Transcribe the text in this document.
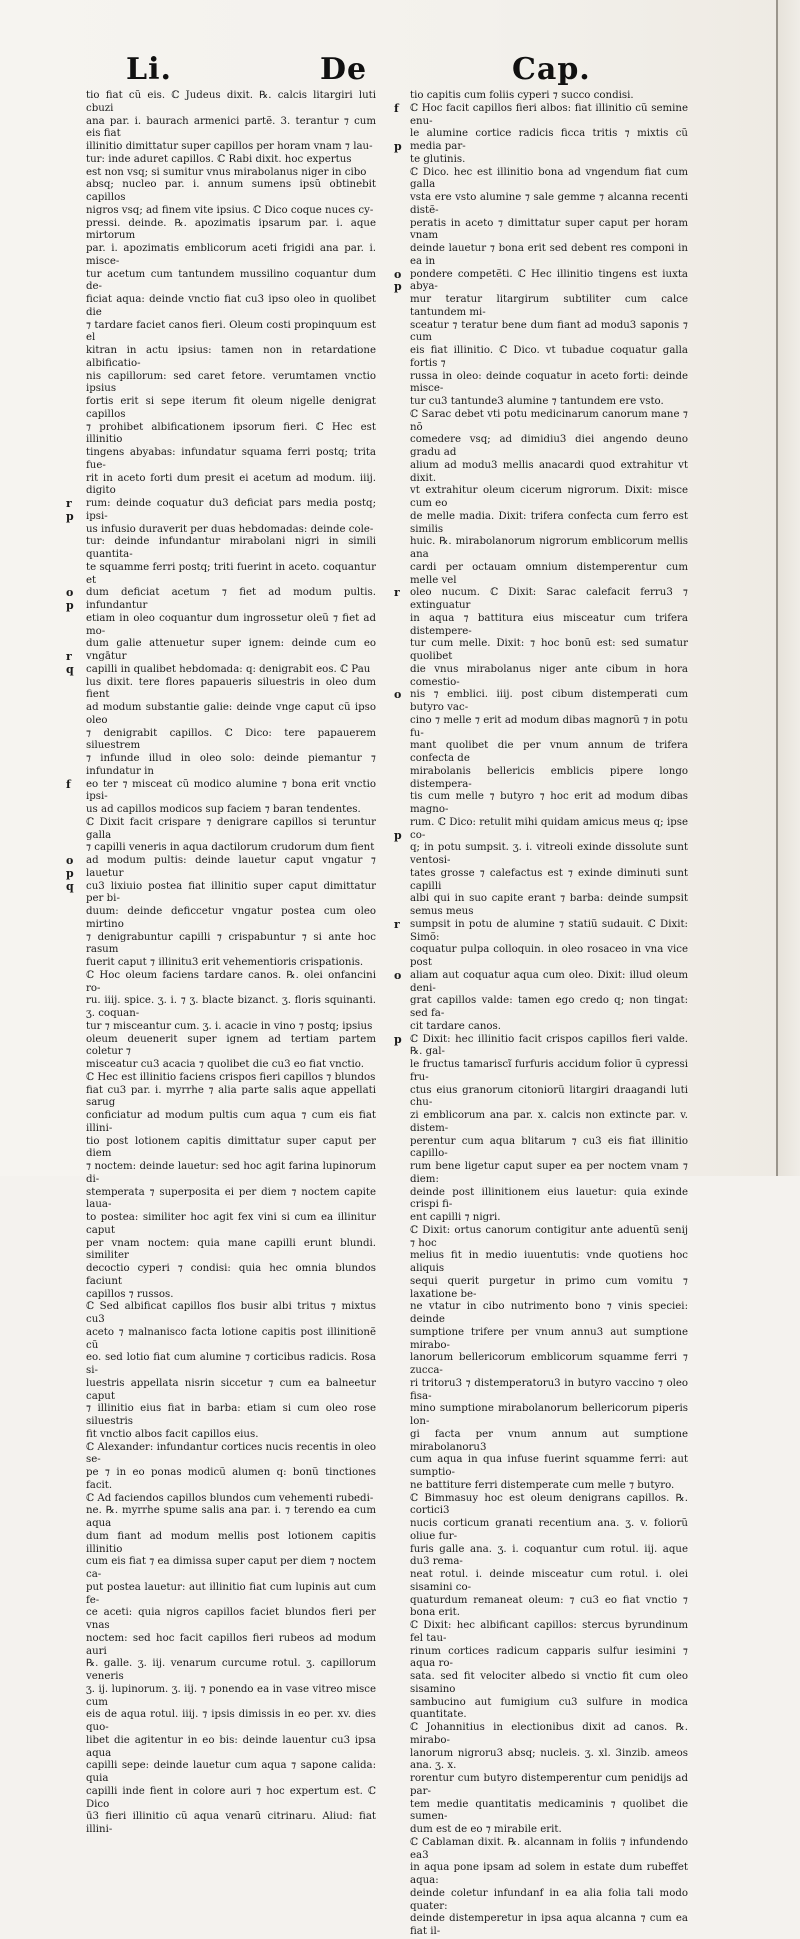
Li.	De	Cap.

tio fiat cũ eis. ℂ Judeus dixit. ℞. calcis litargiri luti cbuzi

ana par. i. baurach armenici partẽ. 3. terantur ⁊ cum eis fiat

illinitio dimittatur super capillos per horam vnam ⁊ lau-

tur: inde aduret capillos. ℂ Rabi dixit. hoc expertus

est non vsq; si sumitur vnus mirabolanus niger in cibo

absq; nucleo par. i. annum sumens ipsũ obtinebit capillos

nigros vsq; ad finem vite ipsius. ℂ Dico coque nuces cy-

pressi. deinde. ℞. apozimatis ipsarum par. i. aque mirtorum

par. i. apozimatis emblicorum aceti frigidi ana par. i. misce-

tur acetum cum tantundem mussilino coquantur dum de-

ficiat aqua: deinde vnctio fiat cu3 ipso oleo in quolibet die

⁊ tardare faciet canos fieri. Oleum costi propinquum est el

kitran in actu ipsius: tamen non in retardatione albificatio-

nis capillorum: sed caret fetore. verumtamen vnctio ipsius

fortis erit si sepe iterum fit oleum nigelle denigrat capillos

⁊ prohibet albificationem ipsorum fieri. ℂ Hec est illinitio

tingens abyabas: infundatur squama ferri postq; trita fue-

rit in aceto forti dum presit ei acetum ad modum. iiij. digito

rum: deinde coquatur du3 deficiat pars media postq; ipsi-

us infusio duraverit per duas hebdomadas: deinde cole-

tur: deinde infundantur mirabolani nigri in simili quantita-

te squamme ferri postq; triti fuerint in aceto. coquantur et

dum deficiat acetum ⁊ fiet ad modum pultis. infundantur

etiam in oleo coquantur dum ingrossetur oleũ ⁊ fiet ad mo-

dum galie attenuetur super ignem: deinde cum eo vngātur

capilli in qualibet hebdomada: q: denigrabit eos. ℂ Pau

lus dixit. tere flores papaueris siluestris in oleo dum fient

ad modum substantie galie: deinde vnge caput cũ ipso oleo

⁊ denigrabit capillos. ℂ Dico: tere papauerem siluestrem

⁊ infunde illud in oleo solo: deinde piemantur ⁊ infundatur in

eo ter ⁊ misceat cũ modico alumine ⁊ bona erit vnctio ipsi-

us ad capillos modicos sup faciem ⁊ baran tendentes.

ℂ Dixit facit crispare ⁊ denigrare capillos si teruntur galla

⁊ capilli veneris in aqua dactilorum crudorum dum fient

ad modum pultis: deinde lauetur caput vngatur ⁊ lauetur

cu3 lixiuio postea fiat illinitio super caput dimittatur per bi-

duum: deinde deficcetur vngatur postea cum oleo mirtino

⁊ denigrabuntur capilli ⁊ crispabuntur ⁊ si ante hoc rasum

fuerit caput ⁊ illinitu3 erit vehementioris crispationis.

ℂ Hoc oleum faciens tardare canos. ℞. olei onfancini ro-

ru. iiij. spice. ʒ. i. ⁊ ʒ. blacte bizanct. ʒ. floris squinanti. ʒ. coquan-

tur ⁊ misceantur cum. ʒ. i. acacie in vino ⁊ postq; ipsius

oleum deuenerit super ignem ad tertiam partem coletur ⁊

misceatur cu3 acacia ⁊ quolibet die cu3 eo fiat vnctio.

ℂ Hec est illinitio faciens crispos fieri capillos ⁊ blundos

fiat cu3 par. i. myrrhe ⁊ alia parte salis aque appellati sarug

conficiatur ad modum pultis cum aqua ⁊ cum eis fiat illini-

tio post lotionem capitis dimittatur super caput per diem

⁊ noctem: deinde lauetur: sed hoc agit farina lupinorum di-

stemperata ⁊ superposita ei per diem ⁊ noctem capite laua-

to postea: similiter hoc agit fex vini si cum ea illinitur caput

per vnam noctem: quia mane capilli erunt blundi. similiter

decoctio cyperi ⁊ condisi: quia hec omnia blundos faciunt

capillos ⁊ russos.

ℂ Sed albificat capillos flos busir albi tritus ⁊ mixtus cu3

aceto ⁊ malnanisco facta lotione capitis post illinitionẽ cũ

eo. sed lotio fiat cum alumine ⁊ corticibus radicis. Rosa si-

luestris appellata nisrin siccetur ⁊ cum ea balneetur caput

⁊ illinitio eius fiat in barba: etiam si cum oleo rose siluestris

fit vnctio albos facit capillos eius.

ℂ Alexander: infundantur cortices nucis recentis in oleo se-

pe ⁊ in eo ponas modicũ alumen q: bonũ tinctiones facit.

ℂ Ad faciendos capillos blundos cum vehementi rubedi-

ne. ℞. myrrhe spume salis ana par. i. ⁊ terendo ea cum aqua

dum fiant ad modum mellis post lotionem capitis illinitio

cum eis fiat ⁊ ea dimissa super caput per diem ⁊ noctem ca-

put postea lauetur: aut illinitio fiat cum lupinis aut cum fe-

ce aceti: quia nigros capillos faciet blundos fieri per vnas

noctem: sed hoc facit capillos fieri rubeos ad modum auri

℞. galle. ʒ. iij. venarum curcume rotul. ʒ. capillorum veneris

ʒ. ij. lupinorum. ʒ. iij. ⁊ ponendo ea in vase vitreo misce cum

eis de aqua rotul. iiij. ⁊ ipsis dimissis in eo per. xv. dies quo-

libet die agitentur in eo bis: deinde lauentur cu3 ipsa aqua

capilli sepe: deinde lauetur cum aqua ⁊ sapone calida: quia

capilli inde fient in colore auri ⁊ hoc expertum est. ℂ Dico

ū3 fieri illinitio cũ aqua venarũ citrinaru. Aliud: fiat illini-

tio capitis cum foliis cyperi ⁊ succo condisi.

ℂ Hoc facit capillos fieri albos: fiat illinitio cũ semine enu-

le alumine cortice radicis ficca tritis ⁊ mixtis cũ media par-

te glutinis.

ℂ Dico. hec est illinitio bona ad vngendum fiat cum galla

vsta ere vsto alumine ⁊ sale gemme ⁊ alcanna recenti distẽ-

peratis in aceto ⁊ dimittatur super caput per horam vnam

deinde lauetur ⁊ bona erit sed debent res componi in ea in

pondere competẽti. ℂ Hec illinitio tingens est iuxta abya-

mur teratur litargirum subtiliter cum calce tantundem mi-

sceatur ⁊ teratur bene dum fiant ad modu3 saponis ⁊ cum

eis fiat illinitio. ℂ Dico. vt tubadue coquatur galla fortis ⁊

russa in oleo: deinde coquatur in aceto forti: deinde misce-

tur cu3 tantunde3 alumine ⁊ tantundem ere vsto.

ℂ Sarac debet vti potu medicinarum canorum mane ⁊ nõ

comedere vsq; ad dimidiu3 diei angendo deuno gradu ad

alium ad modu3 mellis anacardi quod extrahitur vt dixit.

vt extrahitur oleum cicerum nigrorum. Dixit: misce cum eo

de melle madia. Dixit: trifera confecta cum ferro est similis

huic. ℞. mirabolanorum nigrorum emblicorum mellis ana

cardi per octauam omnium distemperentur cum melle vel

oleo nucum. ℂ Dixit: Sarac calefacit ferru3 ⁊ extinguatur

in aqua ⁊ battitura eius misceatur cum trifera distempere-

tur cum melle. Dixit: ⁊ hoc bonũ est: sed sumatur quolibet

die vnus mirabolanus niger ante cibum in hora comestio-

nis ⁊ emblici. iiij. post cibum distemperati cum butyro vac-

cino ⁊ melle ⁊ erit ad modum dibas magnorũ ⁊ in potu fu-

mant quolibet die per vnum annum de trifera confecta de

mirabolanis bellericis emblicis pipere longo distempera-

tis cum melle ⁊ butyro ⁊ hoc erit ad modum dibas magno-

rum. ℂ Dico: retulit mihi quidam amicus meus q; ipse co-

q; in potu sumpsit. ʒ. i. vitreoli exinde dissolute sunt ventosi-

tates grosse ⁊ calefactus est ⁊ exinde diminuti sunt capilli

albi qui in suo capite erant ⁊ barba: deinde sumpsit semus meus

sumpsit in potu de alumine ⁊ statiũ sudauit. ℂ Dixit: Simõ:

coquatur pulpa colloquin. in oleo rosaceo in vna vice post

aliam aut coquatur aqua cum oleo. Dixit: illud oleum deni-

grat capillos valde: tamen ego credo q; non tingat: sed fa-

cit tardare canos.

ℂ Dixit: hec illinitio facit crispos capillos fieri valde. ℞. gal-

le fructus tamariscĩ furfuris accidum folior ũ cypressi fru-

ctus eius granorum citoniorũ litargiri draagandi luti chu-

zi emblicorum ana par. x. calcis non extincte par. v. distem-

perentur cum aqua blitarum ⁊ cu3 eis fiat illinitio capillo-

rum bene ligetur caput super ea per noctem vnam ⁊ diem:

deinde post illinitionem eius lauetur: quia exinde crispi fi-

ent capilli ⁊ nigri.

ℂ Dixit: ortus canorum contigitur ante aduentũ senij ⁊ hoc

melius fit in medio iuuentutis: vnde quotiens hoc aliquis

sequi querit purgetur in primo cum vomitu ⁊ laxatione be-

ne vtatur in cibo nutrimento bono ⁊ vinis speciei: deinde

sumptione trifere per vnum annu3 aut sumptione mirabo-

lanorum bellericorum emblicorum squamme ferri ⁊ zucca-

ri tritoru3 ⁊ distemperatoru3 in butyro vaccino ⁊ oleo fisa-

mino sumptione mirabolanorum bellericorum piperis lon-

gi facta per vnum annum aut sumptione mirabolanoru3

cum aqua in qua infuse fuerint squamme ferri: aut sumptio-

ne battiture ferri distemperate cum melle ⁊ butyro.

ℂ Bimmasuy hoc est oleum denigrans capillos. ℞. cortici3

nucis corticum granati recentium ana. ʒ. v. foliorũ oliue fur-

furis galle ana. ʒ. i. coquantur cum rotul. iij. aque du3 rema-

neat rotul. i. deinde misceatur cum rotul. i. olei sisamini co-

quaturdum remaneat oleum: ⁊ cu3 eo fiat vnctio ⁊ bona erit.

ℂ Dixit: hec albificant capillos: stercus byrundinum fel tau-

rinum cortices radicum capparis sulfur iesimini ⁊ aqua ro-

sata. sed fit velociter albedo si vnctio fit cum oleo sisamino

sambucino aut fumigium cu3 sulfure in modica quantitate.

ℂ Johannitius in electionibus dixit ad canos. ℞. mirabo-

lanorum nigroru3 absq; nucleis. ʒ. xl. 3inzib. ameos ana. ʒ. x.

rorentur cum butyro distemperentur cum penidijs ad par-

tem medie quantitatis medicaminis ⁊ quolibet die sumen-

dum est de eo ⁊ mirabile erit.

ℂ Cablaman dixit. ℞. alcannam in foliis ⁊ infundendo ea3

in aqua pone ipsam ad solem in estate dum rubeffet aqua:

deinde coletur infundanf in ea alia folia tali modo quater:

deinde distemperetur in ipsa aqua alcanna ⁊ cum ea fiat il-

r
p
o
p
r
q
f
o
p
q
f
p
o
p
r
o
p
r
o
p
